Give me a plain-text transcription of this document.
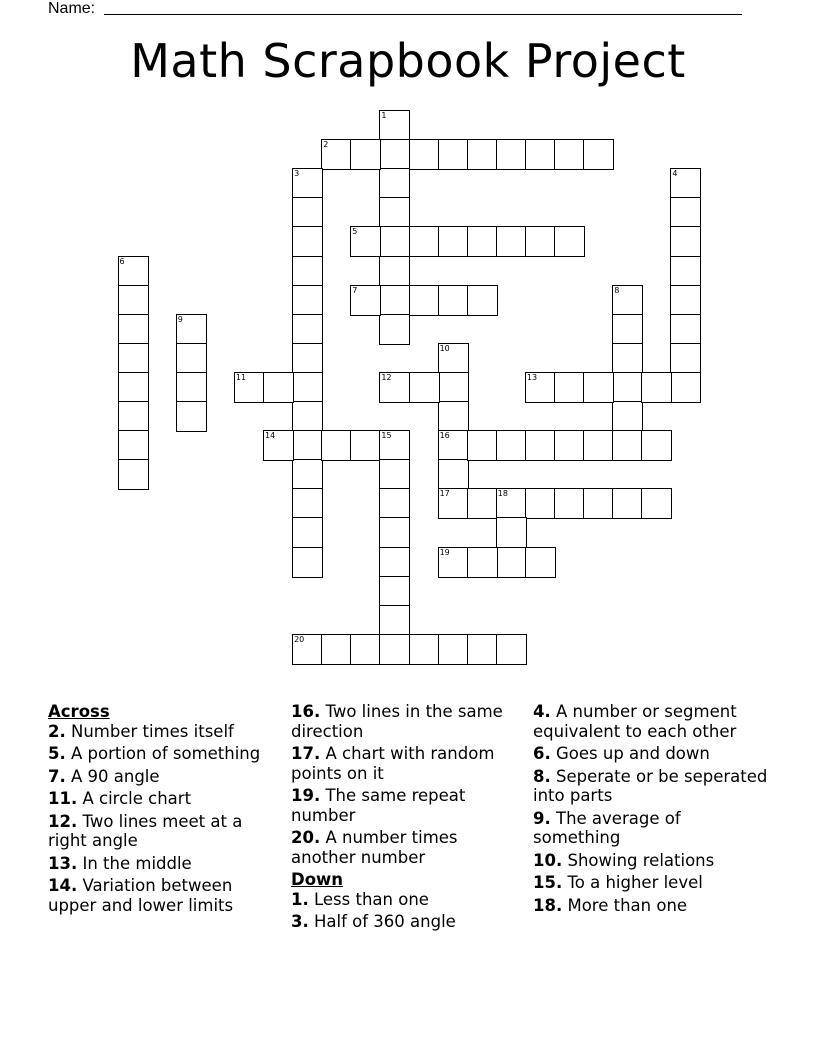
Name:
Math Scrapbook Project
1
2
3	4
5
6
7	8
9
10
16
11	12	13
14	15
17	18
19
20
Across
2. Number times itself
5. A portion of something
7. A 90 angle
11. A circle chart
12. Two lines meet at a right angle
13. In the middle
14. Variation between upper and lower limits
16. Two lines in the same direction
17. A chart with random points on it
19. The same repeat number
20. A number times another number
Down
1. Less than one
3. Half of 360 angle
4. A number or segment equivalent to each other
6. Goes up and down
8. Seperate or be seperated into parts
9. The average of something
10. Showing relations
15. To a higher level
18. More than one
